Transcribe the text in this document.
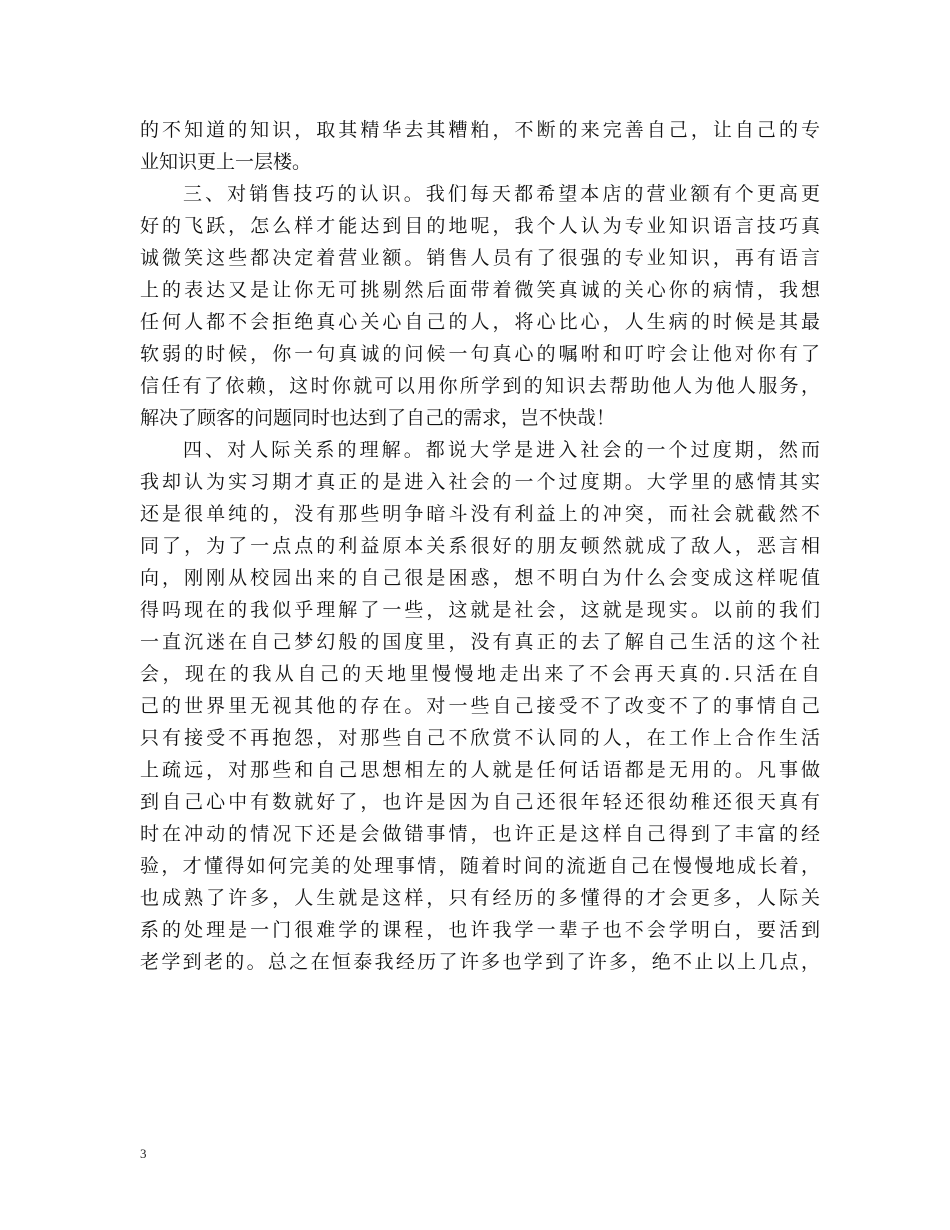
的不知道的知识，取其精华去其糟粕，不断的来完善自己，让自己的专
业知识更上一层楼。
三、对销售技巧的认识。我们每天都希望本店的营业额有个更高更
好的飞跃，怎么样才能达到目的地呢，我个人认为专业知识语言技巧真
诚微笑这些都决定着营业额。销售人员有了很强的专业知识，再有语言
上的表达又是让你无可挑剔然后面带着微笑真诚的关心你的病情，我想
任何人都不会拒绝真心关心自己的人，将心比心，人生病的时候是其最
软弱的时候，你一句真诚的问候一句真心的嘱咐和叮咛会让他对你有了
信任有了依赖，这时你就可以用你所学到的知识去帮助他人为他人服务，
解决了顾客的问题同时也达到了自己的需求，岂不快哉！
四、对人际关系的理解。都说大学是进入社会的一个过度期，然而
我却认为实习期才真正的是进入社会的一个过度期。大学里的感情其实
还是很单纯的，没有那些明争暗斗没有利益上的冲突，而社会就截然不
同了，为了一点点的利益原本关系很好的朋友顿然就成了敌人，恶言相
向，刚刚从校园出来的自己很是困惑，想不明白为什么会变成这样呢值
得吗现在的我似乎理解了一些，这就是社会，这就是现实。以前的我们
一直沉迷在自己梦幻般的国度里，没有真正的去了解自己生活的这个社
会，现在的我从自己的天地里慢慢地走出来了不会再天真的.只活在自
己的世界里无视其他的存在。对一些自己接受不了改变不了的事情自己
只有接受不再抱怨，对那些自己不欣赏不认同的人，在工作上合作生活
上疏远，对那些和自己思想相左的人就是任何话语都是无用的。凡事做
到自己心中有数就好了，也许是因为自己还很年轻还很幼稚还很天真有
时在冲动的情况下还是会做错事情，也许正是这样自己得到了丰富的经
验，才懂得如何完美的处理事情，随着时间的流逝自己在慢慢地成长着，
也成熟了许多，人生就是这样，只有经历的多懂得的才会更多，人际关
系的处理是一门很难学的课程，也许我学一辈子也不会学明白，要活到
老学到老的。总之在恒泰我经历了许多也学到了许多，绝不止以上几点，
3
